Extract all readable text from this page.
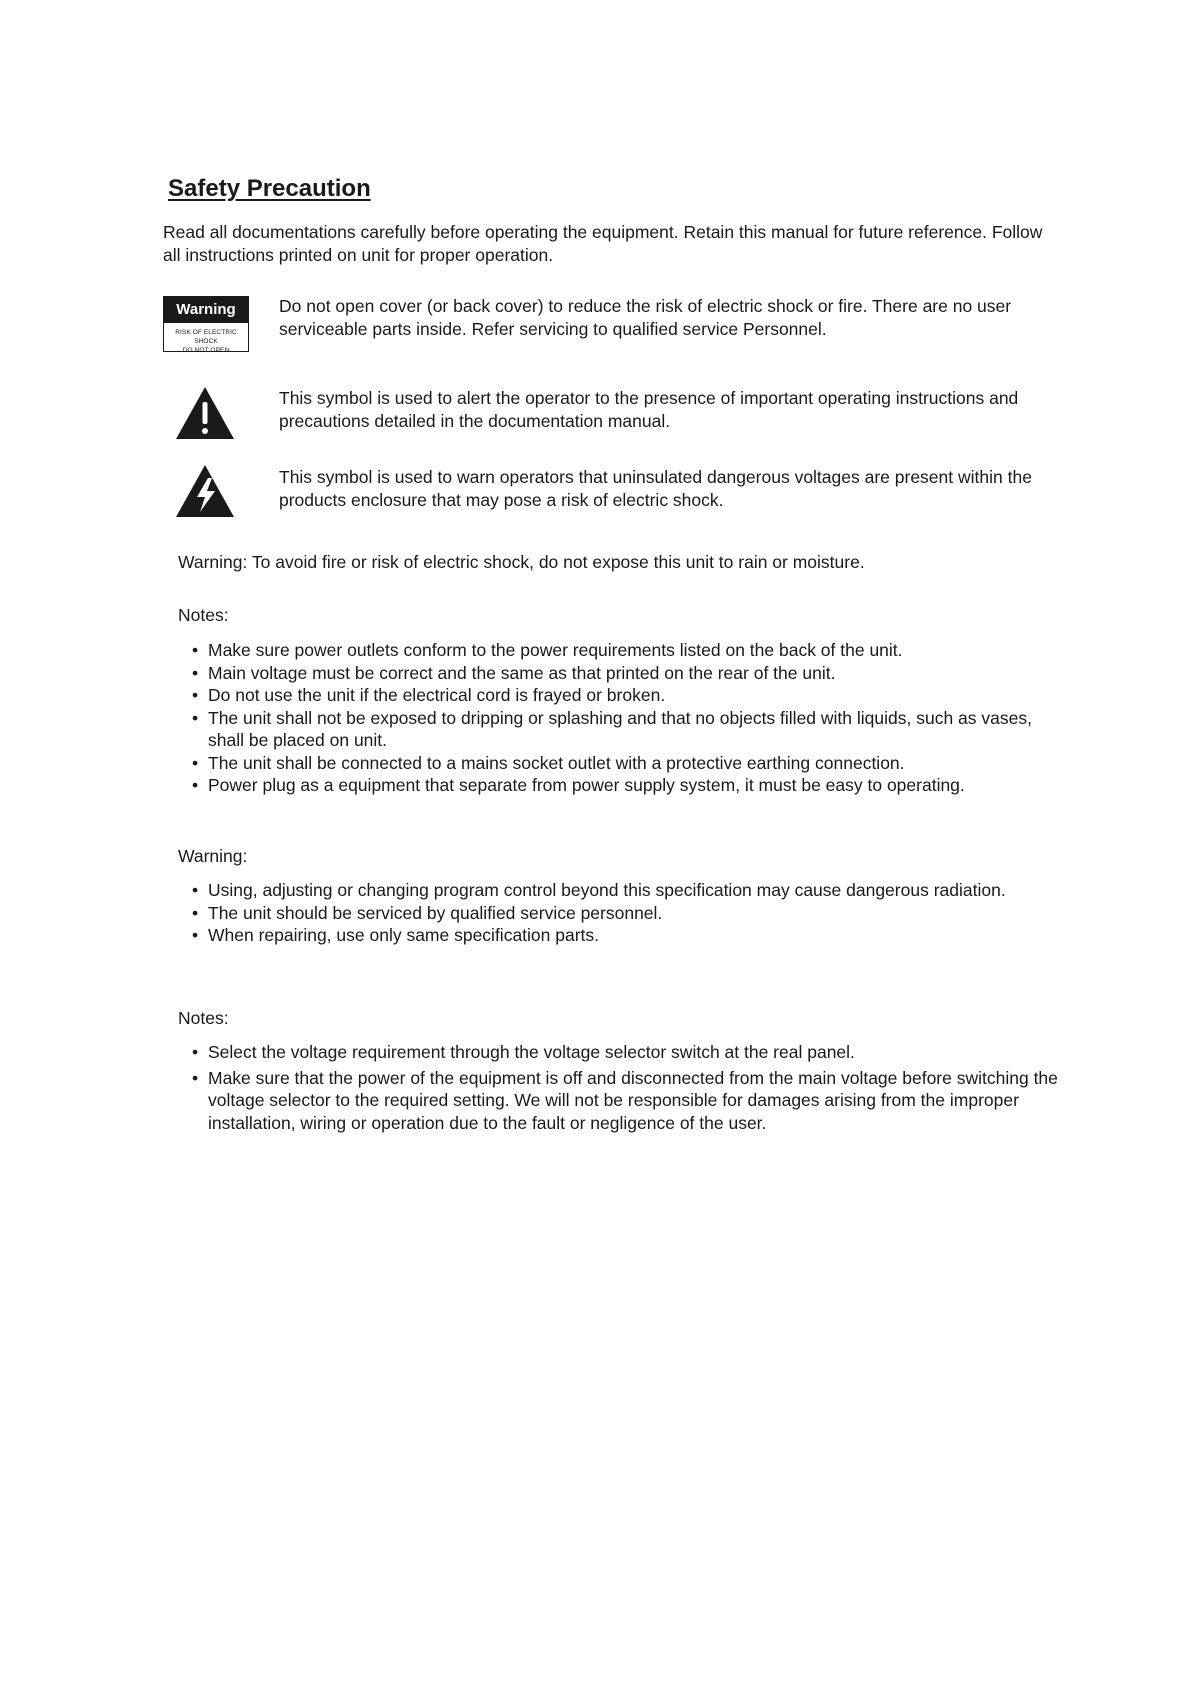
Safety Precaution

Read all documentations carefully before operating the equipment. Retain this manual for future reference. Follow all instructions printed on unit for proper operation.

Warning
RISK OF ELECTRIC SHOCK
DO NOT OPEN

Do not open cover (or back cover) to reduce the risk of electric shock or fire. There are no user serviceable parts inside. Refer servicing to qualified service Personnel.

This symbol is used to alert the operator to the presence of important operating instructions and precautions detailed in the documentation manual.

This symbol is used to warn operators that uninsulated dangerous voltages are present within the products enclosure that may pose a risk of electric shock.

Warning: To avoid fire or risk of electric shock, do not expose this unit to rain or moisture.

Notes:

• Make sure power outlets conform to the power requirements listed on the back of the unit.
• Main voltage must be correct and the same as that printed on the rear of the unit.
• Do not use the unit if the electrical cord is frayed or broken.
• The unit shall not be exposed to dripping or splashing and that no objects filled with liquids, such as vases, shall be placed on unit.
• The unit shall be connected to a mains socket outlet with a protective earthing connection.
• Power plug as a equipment that separate from power supply system, it must be easy to operating.

Warning:

• Using, adjusting or changing program control beyond this specification may cause dangerous radiation.
• The unit should be serviced by qualified service personnel.
• When repairing, use only same specification parts.

Notes:

• Select the voltage requirement through the voltage selector switch at the real panel.
• Make sure that the power of the equipment is off and disconnected from the main voltage before switching the voltage selector to the required setting. We will not be responsible for damages arising from the improper installation, wiring or operation due to the fault or negligence of the user.
